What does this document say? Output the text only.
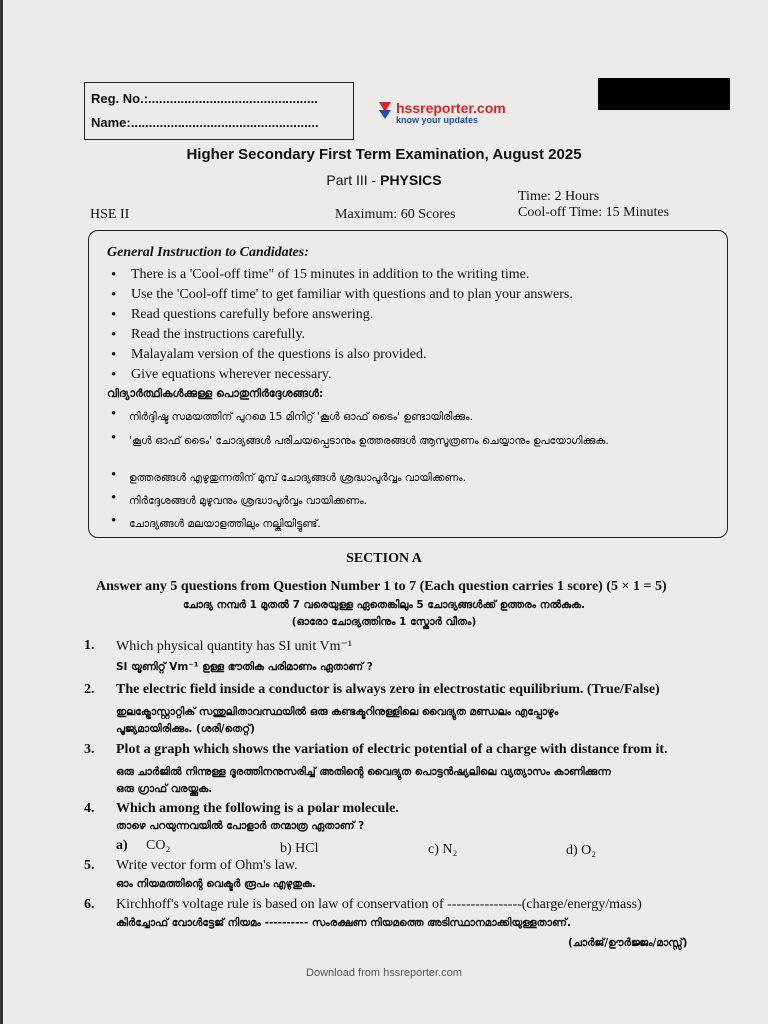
Reg. No.:...............................................
Name:....................................................
hssreporter.com
know your updates
Higher Secondary First Term Examination, August 2025
Part III - PHYSICS
Time: 2 Hours
HSE II	Maximum: 60 Scores	Cool-off Time: 15 Minutes
General Instruction to Candidates:
• There is a 'Cool-off time" of 15 minutes in addition to the writing time.
• Use the 'Cool-off time' to get familiar with questions and to plan your answers.
• Read questions carefully before answering.
• Read the instructions carefully.
• Malayalam version of the questions is also provided.
• Give equations wherever necessary.
വിദ്യാർത്ഥികൾക്കുള്ള പൊതുനിർദ്ദേശങ്ങൾ:
• നിർദ്ദിഷ്ട സമയത്തിന് പുറമെ 15 മിനിറ്റ് 'കൂൾ ഓഫ് ടൈം' ഉണ്ടായിരിക്കും.
• 'കൂൾ ഓഫ് ടൈം' ചോദ്യങ്ങൾ പരിചയപ്പെടാനും ഉത്തരങ്ങൾ ആസൂത്രണം ചെയ്യാനും ഉപയോഗിക്കുക.
• ഉത്തരങ്ങൾ എഴുതുന്നതിന് മുമ്പ് ചോദ്യങ്ങൾ ശ്രദ്ധാപൂർവ്വം വായിക്കണം.
• നിർദ്ദേശങ്ങൾ മുഴുവനും ശ്രദ്ധാപൂർവ്വം വായിക്കണം.
• ചോദ്യങ്ങൾ മലയാളത്തിലും നല്കിയിട്ടുണ്ട്.
SECTION A
Answer any 5 questions from Question Number 1 to 7 (Each question carries 1 score) (5 × 1 = 5)
ചോദ്യ നമ്പർ 1 മുതൽ 7 വരെയുള്ള ഏതെങ്കിലും 5 ചോദ്യങ്ങൾക്ക് ഉത്തരം നൽകുക.
(ഓരോ ചോദ്യത്തിനും 1 സ്കോർ വീതം)
1. Which physical quantity has SI unit Vm⁻¹
SI യൂണിറ്റ് Vm⁻¹ ഉള്ള ഭൗതിക പരിമാണം ഏതാണ് ?
2. The electric field inside a conductor is always zero in electrostatic equilibrium. (True/False)
ഇലക്ട്രോസ്റ്റാറ്റിക് സന്തുലിതാവസ്ഥയിൽ ഒരു കണ്ടക്ടറിനുള്ളിലെ വൈദ്യുത മണ്ഡലം എപ്പോഴും
പൂജ്യമായിരിക്കും. (ശരി/തെറ്റ്)
3. Plot a graph which shows the variation of electric potential of a charge with distance from it.
ഒരു ചാർജിൽ നിന്നുള്ള ദൂരത്തിനനുസരിച്ച് അതിന്റെ വൈദ്യുത പൊട്ടൻഷ്യലിലെ വ്യത്യാസം കാണിക്കുന്ന
ഒരു ഗ്രാഫ് വരയ്ക്കുക.
4. Which among the following is a polar molecule.
താഴെ പറയുന്നവയിൽ പോളാർ തന്മാത്ര ഏതാണ് ?
a) CO₂	b) HCl	c) N₂	d) O₂
5. Write vector form of Ohm's law.
ഓം നിയമത്തിന്റെ വെക്ടർ രൂപം എഴുതുക.
6. Kirchhoff's voltage rule is based on law of conservation of ----------------(charge/energy/mass)
കിർച്ചോഫ് വോൾട്ടേജ് നിയമം ---------- സംരക്ഷണ നിയമത്തെ അടിസ്ഥാനമാക്കിയുള്ളതാണ്.
(ചാർജ്/ഊർജ്ജം/മാസ്സ്)
Download from hssreporter.com
